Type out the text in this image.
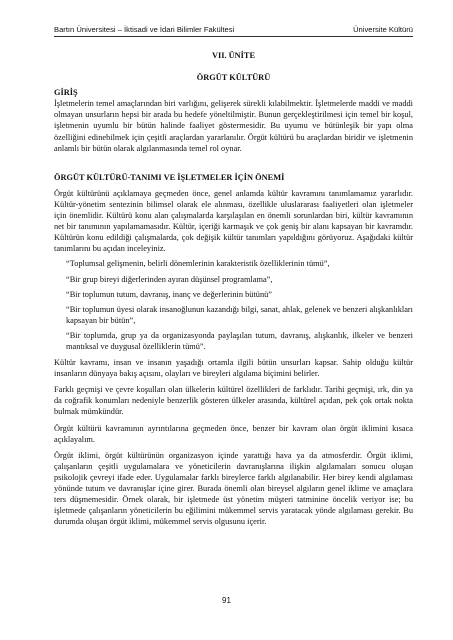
Bartın Üniversitesi – İktisadi ve İdari Bilimler Fakültesi	Üniversite Kültürü

VII. ÜNİTE

ÖRGÜT KÜLTÜRÜ

GİRİŞ

İşletmelerin temel amaçlarından biri varlığını, gelişerek sürekli kılabilmektir. İşletmelerde maddi ve maddi olmayan unsurların hepsi bir arada bu hedefe yöneltilmiştir. Bunun gerçekleştirilmesi için temel bir koşul, işletmenin uyumlu bir bütün halinde faaliyet göstermesidir. Bu uyumu ve bütünleşik bir yapı olma özelliğini edinebilmek için çeşitli araçlardan yararlanılır. Örgüt kültürü bu araçlardan biridir ve işletmenin anlamlı bir bütün olarak algılanmasında temel rol oynar.

ÖRGÜT KÜLTÜRÜ-TANIMI VE İŞLETMELER İÇİN ÖNEMİ

Örgüt kültürünü açıklamaya geçmeden önce, genel anlamda kültür kavramını tanımlamamız yararlıdır. Kültür-yönetim sentezinin bilimsel olarak ele alınması, özellikle uluslararası faaliyetleri olan işletmeler için önemlidir. Kültürü konu alan çalışmalarda karşılaşılan en önemli sorunlardan biri, kültür kavramının net bir tanımının yapılamamasıdır. Kültür, içeriği karmaşık ve çok geniş bir alanı kapsayan bir kavramdır. Kültürün konu edildiği çalışmalarda, çok değişik kültür tanımları yapıldığını görüyoruz. Aşağıdaki kültür tanımlarını bu açıdan inceleyiniz.

“Toplumsal gelişmenin, belirli dönemlerinin karakteristik özelliklerinin tümü”,

“Bir grup bireyi diğerlerinden ayıran düşünsel programlama”,

“Bir toplumun tutum, davranış, inanç ve değerlerinin bütünü”

“Bir toplumun üyesi olarak insanoğlunun kazandığı bilgi, sanat, ahlak, gelenek ve benzeri alışkanlıkları kapsayan bir bütün”,

“Bir toplumda, grup ya da organizasyonda paylaşılan tutum, davranış, alışkanlık, ilkeler ve benzeri mantıksal ve duygusal özelliklerin tümü”.

Kültür kavramı, insan ve insanın yaşadığı ortamla ilgili bütün unsurları kapsar. Sahip olduğu kültür insanların dünyaya bakış açısını, olayları ve bireyleri algılama biçimini belirler.

Farklı geçmişi ve çevre koşulları olan ülkelerin kültürel özellikleri de farklıdır. Tarihi geçmişi, ırk, din ya da coğrafik konumları nedeniyle benzerlik gösteren ülkeler arasında, kültürel açıdan, pek çok ortak nokta bulmak mümkündür.

Örgüt kültürü kavramının ayrıntılarına geçmeden önce, benzer bir kavram olan örgüt iklimini kısaca açıklayalım.

Örgüt iklimi, örgüt kültürünün organizasyon içinde yarattığı hava ya da atmosferdir. Örgüt iklimi, çalışanların çeşitli uygulamalara ve yöneticilerin davranışlarına ilişkin algılamaları sonucu oluşan psikolojik çevreyi ifade eder. Uygulamalar farklı bireylerce farklı algılanabilir. Her birey kendi algılaması yönünde tutum ve davranışlar içine girer. Burada önemli olan bireysel algıların genel iklime ve amaçlara ters düşmemesidir. Örnek olarak, bir işletmede üst yönetim müşteri tatminine öncelik veriyor ise; bu işletmede çalışanların yöneticilerin bu eğilimini mükemmel servis yaratacak yönde algılaması gerekir. Bu durumda oluşan örgüt iklimi, mükemmel servis olgusunu içerir.

91
